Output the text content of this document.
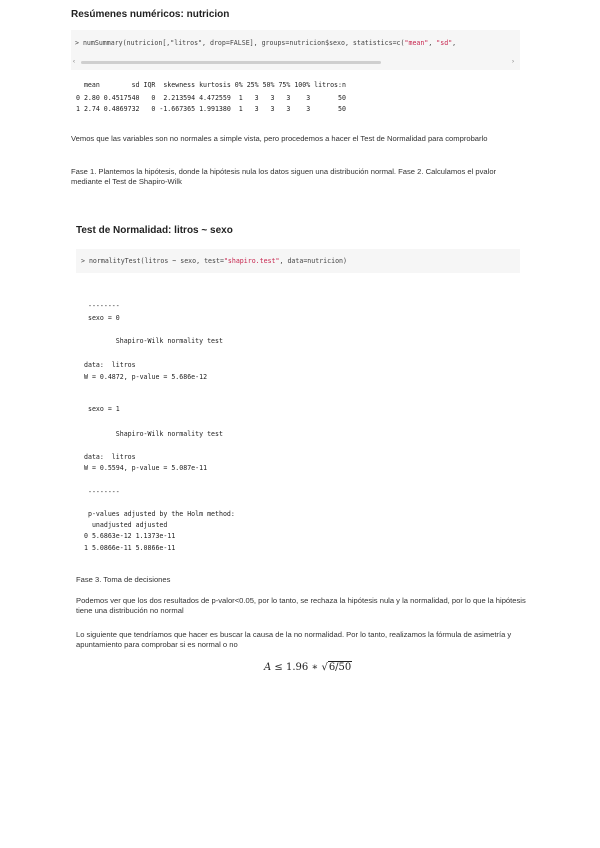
Resúmenes numéricos: nutricion
> numSummary(nutricion[,"litros", drop=FALSE], groups=nutricion$sexo, statistics=c("mean", "sd",
‹	›
mean        sd IQR  skewness kurtosis 0% 25% 50% 75% 100% litros:n
0 2.80 0.4517540   0  2.213594 4.472559  1   3   3   3    3       50
1 2.74 0.4869732   0 -1.667365 1.991380  1   3   3   3    3       50
Vemos que las variables son no normales a simple vista, pero procedemos a hacer el Test de Normalidad para comprobarlo
Fase 1. Plantemos la hipótesis, donde la hipótesis nula los datos siguen una distribución normal. Fase 2. Calculamos el pvalor mediante el Test de Shapiro-Wilk
Test de Normalidad: litros ~ sexo
> normalityTest(litros ~ sexo, test="shapiro.test", data=nutricion)
--------
sexo = 0
Shapiro-Wilk normality test
data:  litros
W = 0.4872, p-value = 5.686e-12
sexo = 1
Shapiro-Wilk normality test
data:  litros
W = 0.5594, p-value = 5.087e-11
--------
p-values adjusted by the Holm method:
unadjusted adjusted
0 5.6863e-12 1.1373e-11
1 5.0866e-11 5.0866e-11
Fase 3. Toma de decisiones
Podemos ver que los dos resultados de p-valor<0.05, por lo tanto, se rechaza la hipótesis nula y la normalidad, por lo que la hipótesis tiene una distribución no normal
Lo siguiente que tendríamos que hacer es buscar la causa de la no normalidad. Por lo tanto, realizamos la fórmula de asimetría y apuntamiento para comprobar si es normal o no
A ≤ 1.96 ∗ √6/50
